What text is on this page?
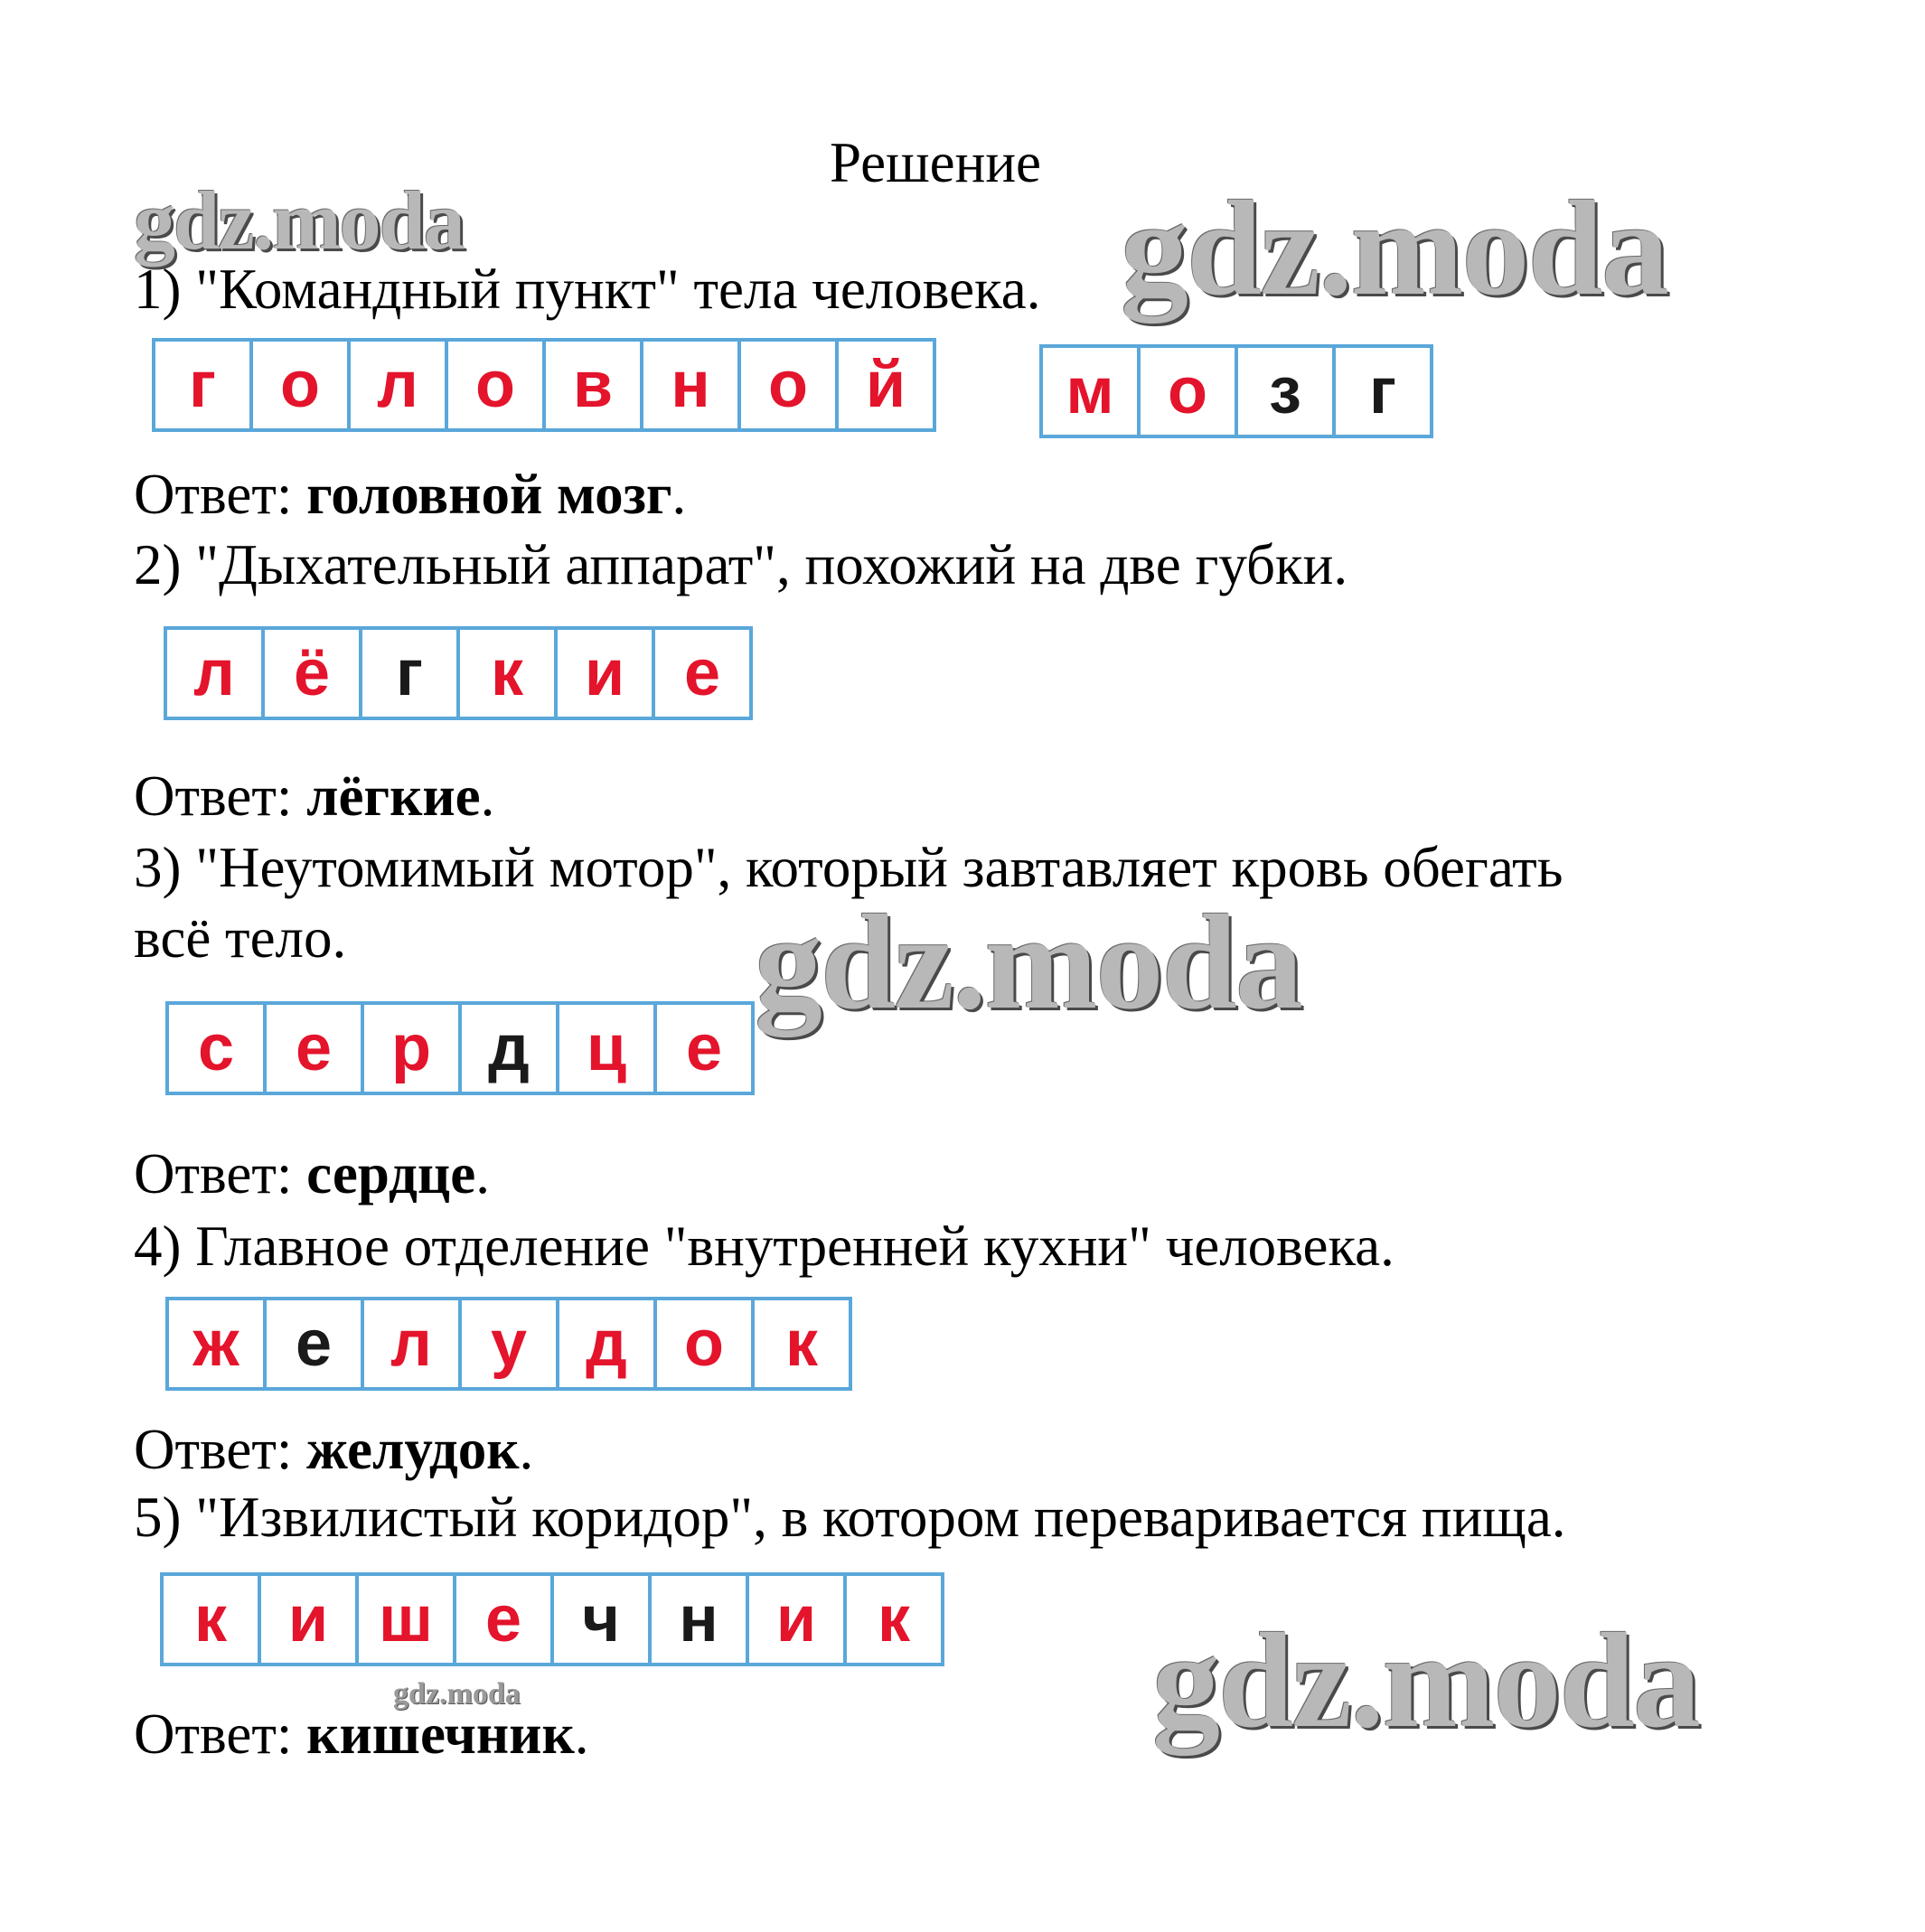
Решение
1) "Командный пункт" тела человека.
г о л о в н о й	м о з	г
Ответ: головной мозг.
2) "Дыхательный аппарат", похожий на две губки.
л ё	г	к и е
Ответ: лёгкие.
3) "Неутомимый мотор", который завтавляет кровь обегать
всё тело.
с е р д ц е
Ответ: сердце.
4) Главное отделение "внутренней кухни" человека.
ж е л у д о к
Ответ: желудок.
5) "Извилистый коридор", в котором переваривается пища.
к и ш е ч н и к
Ответ: кишечник.
gdz.moda	gdz.moda
gdz.moda
gdz.moda
gdz.moda
